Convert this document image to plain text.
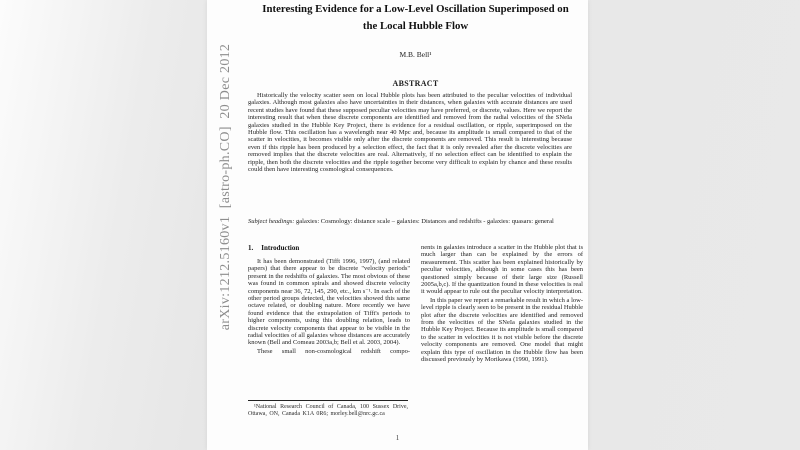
arXiv:1212.5160v1  [astro-ph.CO]  20 Dec 2012
Interesting Evidence for a Low-Level Oscillation Superimposed on
the Local Hubble Flow
M.B. Bell¹
ABSTRACT
Historically the velocity scatter seen on local Hubble plots has been attributed to the peculiar velocities of individual galaxies. Although most galaxies also have uncertainties in their distances, when galaxies with accurate distances are used recent studies have found that these supposed peculiar velocities may have preferred, or discrete, values. Here we report the interesting result that when these discrete components are identified and removed from the radial velocities of the SNeIa galaxies studied in the Hubble Key Project, there is evidence for a residual oscillation, or ripple, superimposed on the Hubble flow. This oscillation has a wavelength near 40 Mpc and, because its amplitude is small compared to that of the scatter in velocities, it becomes visible only after the discrete components are removed. This result is interesting because even if this ripple has been produced by a selection effect, the fact that it is only revealed after the discrete velocities are removed implies that the discrete velocities are real. Alternatively, if no selection effect can be identified to explain the ripple, then both the discrete velocities and the ripple together become very difficult to explain by chance and these results could then have interesting cosmological consequences.
Subject headings: galaxies: Cosmology: distance scale – galaxies: Distances and redshifts - galaxies: quasars: general
1. Introduction

It has been demonstrated (Tifft 1996, 1997), (and related papers) that there appear to be discrete "velocity periods" present in the redshifts of galaxies. The most obvious of these was found in common spirals and showed discrete velocity components near 36, 72, 145, 290, etc., km s⁻¹. In each of the other period groups detected, the velocities showed this same octave related, or doubling nature. More recently we have found evidence that the extrapolation of Tifft's periods to higher components, using this doubling relation, leads to discrete velocity components that appear to be visible in the radial velocities of all galaxies whose distances are accurately known (Bell and Comeau 2003a,b; Bell et al. 2003, 2004).

These small non-cosmological redshift compo-

nents in galaxies introduce a scatter in the Hubble plot that is much larger than can be explained by the errors of measurement. This scatter has been explained historically by peculiar velocities, although in some cases this has been questioned simply because of their large size (Russell 2005a,b,c). If the quantization found in these velocities is real it would appear to rule out the peculiar velocity interpretation.

In this paper we report a remarkable result in which a low-level ripple is clearly seen to be present in the residual Hubble plot after the discrete velocities are identified and removed from the velocities of the SNeIa galaxies studied in the Hubble Key Project. Because its amplitude is small compared to the scatter in velocities it is not visible before the discrete velocity components are removed. One model that might explain this type of oscillation in the Hubble flow has been discussed previously by Morikawa (1990, 1991).

¹National Research Council of Canada, 100 Sussex Drive, Ottawa, ON, Canada K1A 0R6; morley.bell@nrc.gc.ca
1
